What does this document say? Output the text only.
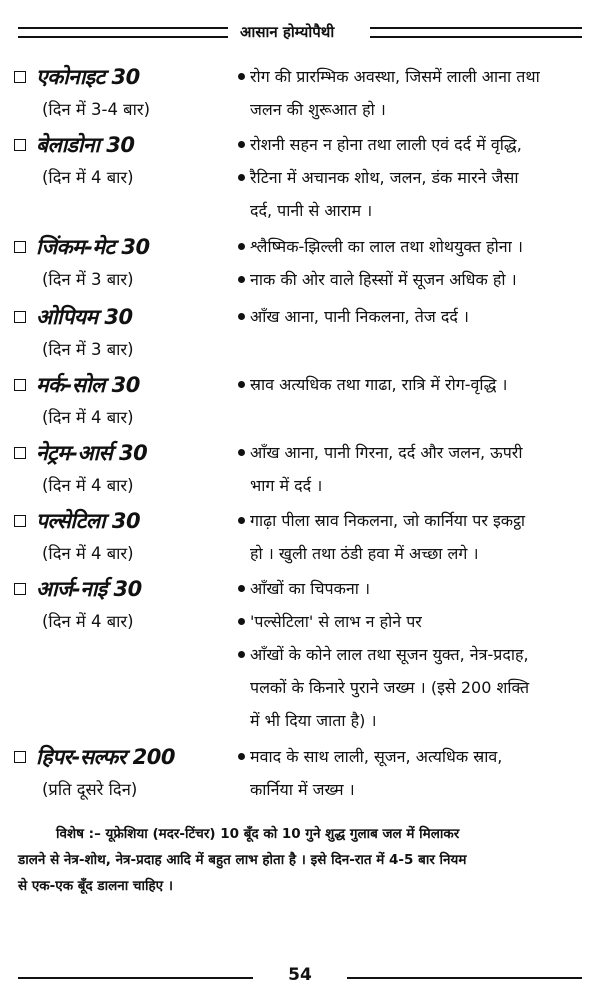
आसान होम्योपैथी
एकोनाइट 30
(दिन में 3-4 बार)
रोग की प्रारम्भिक अवस्था, जिसमें लाली आना तथा
जलन की शुरूआत हो ।
बेलाडोना 30
(दिन में 4 बार)
रोशनी सहन न होना तथा लाली एवं दर्द में वृद्धि,
रैटिना में अचानक शोथ, जलन, डंक मारने जैसा
दर्द, पानी से आराम ।
जिंकम-मेट 30
(दिन में 3 बार)
श्लैष्मिक-झिल्ली का लाल तथा शोथयुक्त होना ।
नाक की ओर वाले हिस्सों में सूजन अधिक हो ।
ओपियम 30
(दिन में 3 बार)
आँख आना, पानी निकलना, तेज दर्द ।
मर्क-सोल 30
(दिन में 4 बार)
स्राव अत्यधिक तथा गाढा, रात्रि में रोग-वृद्धि ।
नेट्रम-आर्स 30
(दिन में 4 बार)
आँख आना, पानी गिरना, दर्द और जलन, ऊपरी
भाग में दर्द ।
पल्सेटिला 30
(दिन में 4 बार)
गाढ़ा पीला स्राव निकलना, जो कार्निया पर इकट्ठा
हो । खुली तथा ठंडी हवा में अच्छा लगे ।
आर्ज-नाई 30
(दिन में 4 बार)
आँखों का चिपकना ।
'पल्सेटिला' से लाभ न होने पर
आँखों के कोने लाल तथा सूजन युक्त, नेत्र-प्रदाह,
पलकों के किनारे पुराने जख्म । (इसे 200 शक्ति
में भी दिया जाता है) ।
हिपर-सल्फर 200
(प्रति दूसरे दिन)
मवाद के साथ लाली, सूजन, अत्यधिक स्राव,
कार्निया में जख्म ।
विशेष :– यूफ्रेशिया (मदर-टिंचर) 10 बूँद को 10 गुने शुद्ध गुलाब जल में मिलाकर
डालने से नेत्र-शोथ, नेत्र-प्रदाह आदि में बहुत लाभ होता है । इसे दिन-रात में 4-5 बार नियम
से एक-एक बूँद डालना चाहिए ।
54
